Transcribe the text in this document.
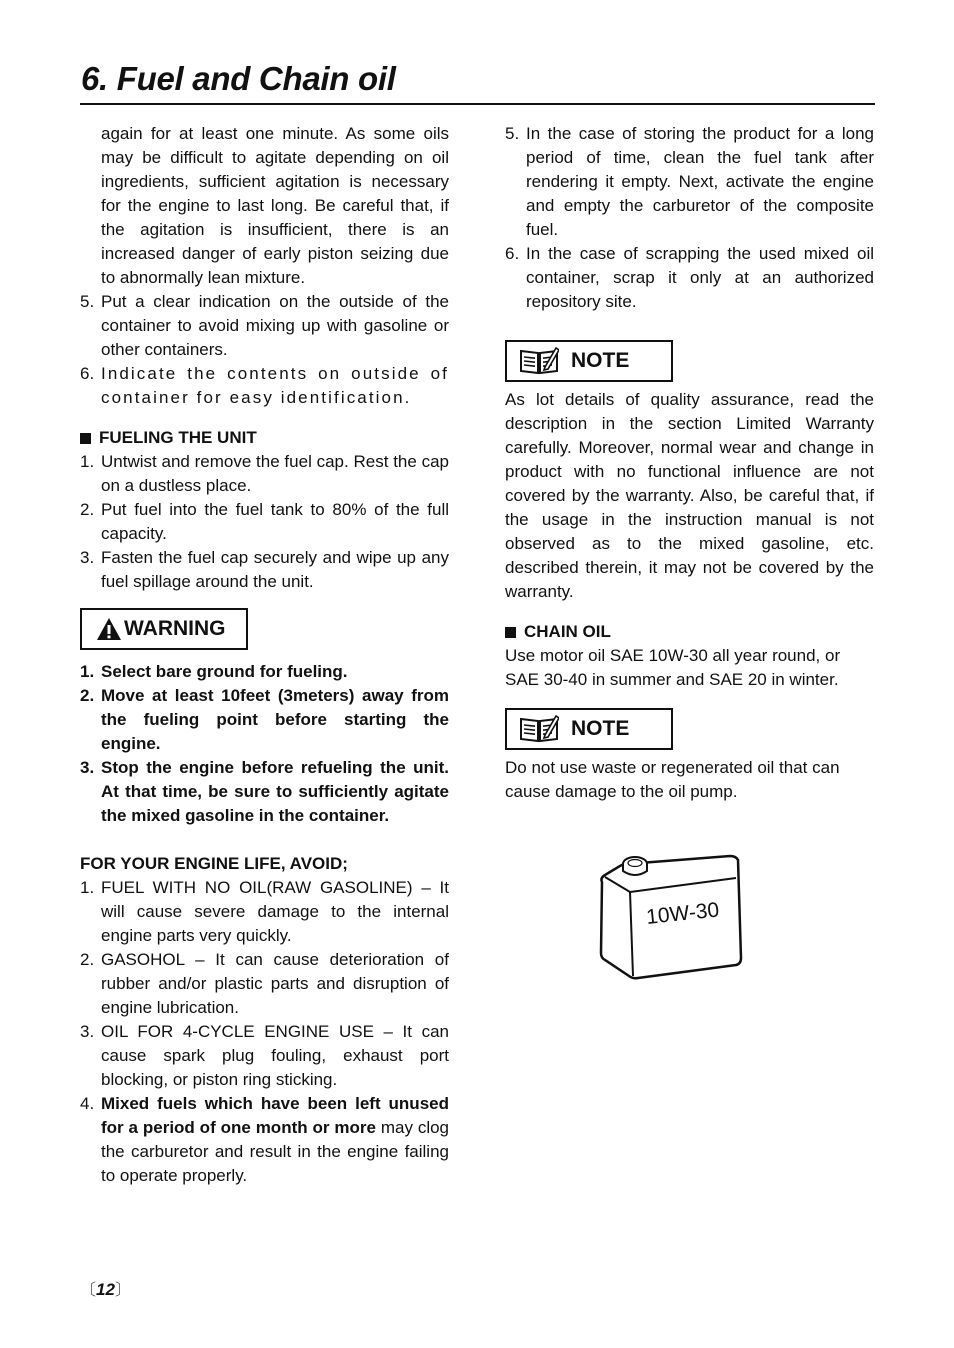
6. Fuel and Chain oil

again for at least one minute. As some oils may be difficult to agitate depending on oil ingredients, sufficient agitation is necessary for the engine to last long. Be careful that, if the agitation is insufficient, there is an increased danger of early piston seizing due to abnormally lean mixture.

5. Put a clear indication on the outside of the container to avoid mixing up with gasoline or other containers.
6. Indicate the contents on outside of container for easy identification.
FUELING THE UNIT
1. Untwist and remove the fuel cap. Rest the cap on a dustless place.
2. Put fuel into the fuel tank to 80% of the full capacity.
3. Fasten the fuel cap securely and wipe up any fuel spillage around the unit.
WARNING
1. Select bare ground for fueling.
2. Move at least 10feet (3meters) away from the fueling point before starting the engine.
3. Stop the engine before refueling the unit. At that time, be sure to sufficiently agitate the mixed gasoline in the container.
FOR YOUR ENGINE LIFE, AVOID;
1. FUEL WITH NO OIL(RAW GASOLINE) – It will cause severe damage to the internal engine parts very quickly.
2. GASOHOL – It can cause deterioration of rubber and/or plastic parts and disruption of engine lubrication.
3. OIL FOR 4-CYCLE ENGINE USE – It can cause spark plug fouling, exhaust port blocking, or piston ring sticking.
4. Mixed fuels which have been left unused for a period of one month or more may clog the carburetor and result in the engine failing to operate properly.
〔12〕
5. In the case of storing the product for a long period of time, clean the fuel tank after rendering it empty. Next, activate the engine and empty the carburetor of the composite fuel.
6. In the case of scrapping the used mixed oil container, scrap it only at an authorized repository site.
NOTE

As lot details of quality assurance, read the description in the section Limited Warranty carefully. Moreover, normal wear and change in product with no functional influence are not covered by the warranty. Also, be careful that, if the usage in the instruction manual is not observed as to the mixed gasoline, etc. described therein, it may not be covered by the warranty.

CHAIN OIL

Use motor oil SAE 10W-30 all year round, or SAE 30-40 in summer and SAE 20 in winter.

NOTE

Do not use waste or regenerated oil that can cause damage to the oil pump.

10W-30
